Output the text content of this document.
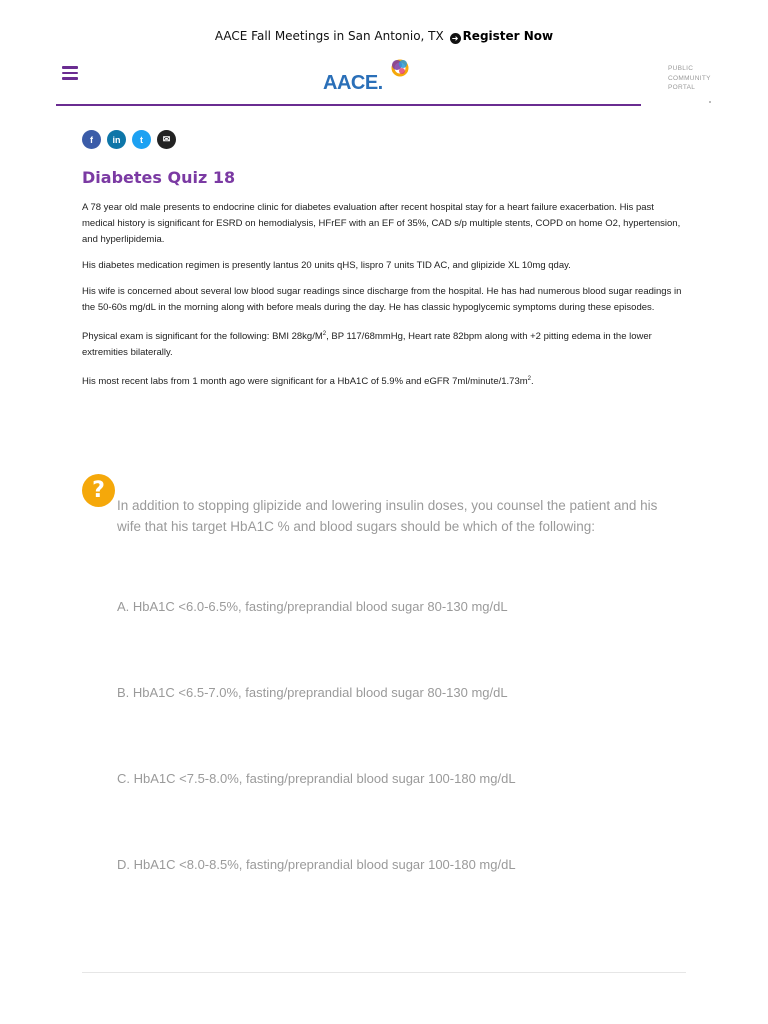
AACE Fall Meetings in San Antonio, TX ➜ Register Now
AACE.
PUBLIC
COMMUNITY
PORTAL
f	in	t	✉
Diabetes Quiz 18

A 78 year old male presents to endocrine clinic for diabetes evaluation after recent hospital stay for a heart failure exacerbation. His past medical history is significant for ESRD on hemodialysis, HFrEF with an EF of 35%, CAD s/p multiple stents, COPD on home O2, hypertension, and hyperlipidemia.

His diabetes medication regimen is presently lantus 20 units qHS, lispro 7 units TID AC, and glipizide XL 10mg qday.

His wife is concerned about several low blood sugar readings since discharge from the hospital. He has had numerous blood sugar readings in the 50-60s mg/dL in the morning along with before meals during the day. He has classic hypoglycemic symptoms during these episodes.

Physical exam is significant for the following: BMI $28kg/M^2$, BP 117/68mmHg, Heart rate 82bpm along with +2 pitting edema in the lower extremities bilaterally.

His most recent labs from 1 month ago were significant for a HbA1C of 5.9% and eGFR $7ml/minute/1.73m^2$.

?
In addition to stopping glipizide and lowering insulin doses, you counsel the patient and his wife that his target HbA1C % and blood sugars should be which of the following:
A. HbA1C <6.0-6.5%, fasting/preprandial blood sugar 80-130 mg/dL
B. HbA1C <6.5-7.0%, fasting/preprandial blood sugar 80-130 mg/dL
C. HbA1C <7.5-8.0%, fasting/preprandial blood sugar 100-180 mg/dL
D. HbA1C <8.0-8.5%, fasting/preprandial blood sugar 100-180 mg/dL
